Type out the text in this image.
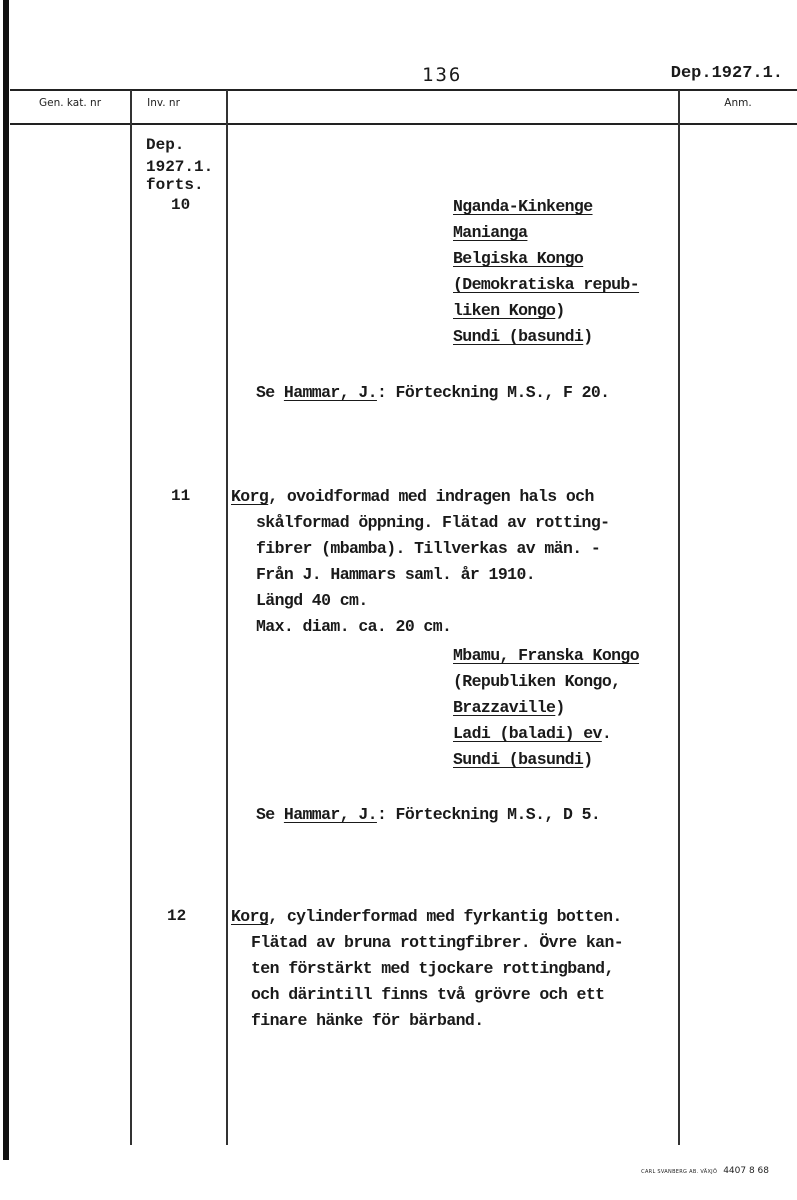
136	Dep.1927.1.
Gen. kat. nr	Inv. nr	Anm.
Dep.
1927.1.
forts.
10	Nganda-Kinkenge
Manianga
Belgiska Kongo
(Demokratiska repub-
liken Kongo)
Sundi (basundi)
Se Hammar, J.: Förteckning M.S., F 20.
11 Korg, ovoidformad med indragen hals och
skålformad öppning. Flätad av rotting-
fibrer (mbamba). Tillverkas av män. -
Från J. Hammars saml. år 1910.
Längd 40 cm.
Max. diam. ca. 20 cm.
Mbamu, Franska Kongo
(Republiken Kongo,
Brazzaville)
Ladi (baladi) ev.
Sundi (basundi)
Se Hammar, J.: Förteckning M.S., D 5.
12	Korg, cylinderformad med fyrkantig botten.
Flätad av bruna rottingfibrer. Övre kan-
ten förstärkt med tjockare rottingband,
och därintill finns två grövre och ett
finare hänke för bärband.
CARL SVANBERG AB. VÄXJÖ 4407 8 68
